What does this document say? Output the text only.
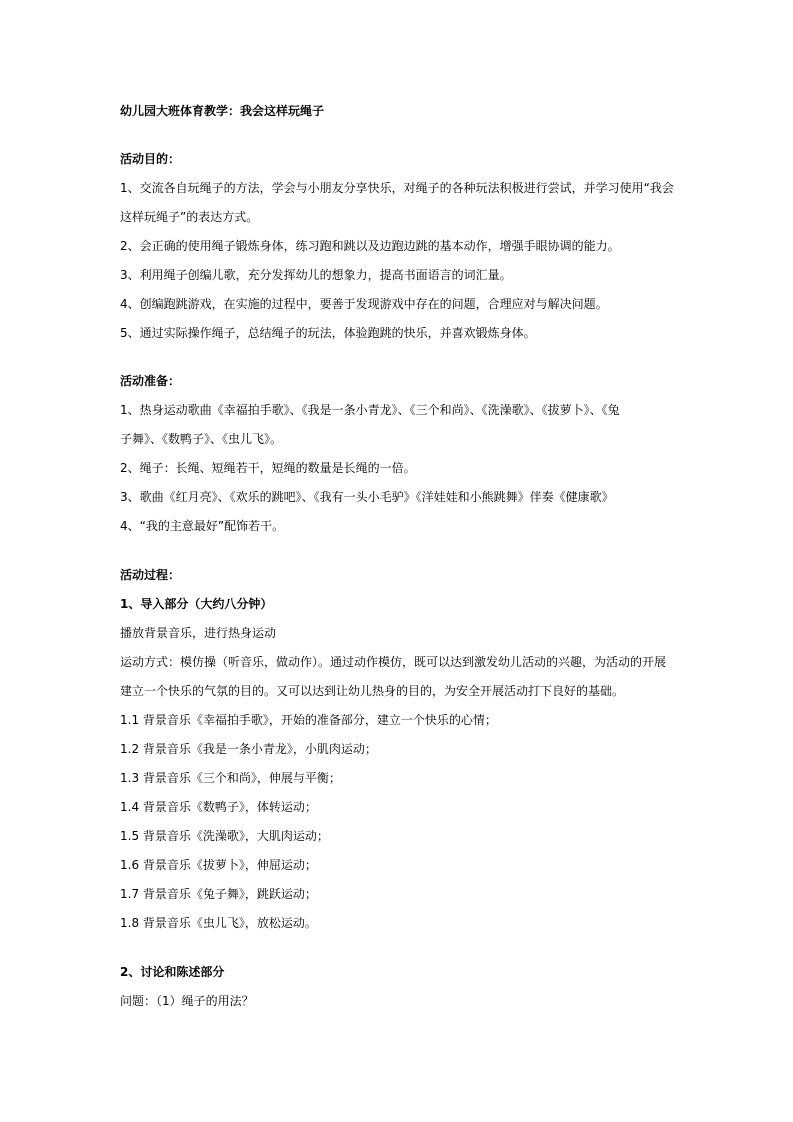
幼儿园大班体育教学：我会这样玩绳子
活动目的：
1、交流各自玩绳子的方法，学会与小朋友分享快乐，对绳子的各种玩法积极进行尝试，并学习使用“我会
这样玩绳子”的表达方式。
2、会正确的使用绳子锻炼身体，练习跑和跳以及边跑边跳的基本动作，增强手眼协调的能力。
3、利用绳子创编儿歌，充分发挥幼儿的想象力，提高书面语言的词汇量。
4、创编跑跳游戏，在实施的过程中，要善于发现游戏中存在的问题，合理应对与解决问题。
5、通过实际操作绳子，总结绳子的玩法，体验跑跳的快乐，并喜欢锻炼身体。
活动准备：
1、热身运动歌曲《幸福拍手歌》、《我是一条小青龙》、《三个和尚》、《洗澡歌》、《拔萝卜》、《兔
子舞》、《数鸭子》、《虫儿飞》。
2、绳子：长绳、短绳若干，短绳的数量是长绳的一倍。
3、歌曲《红月亮》、《欢乐的跳吧》、《我有一头小毛驴》《洋娃娃和小熊跳舞》伴奏《健康歌》
4、“我的主意最好”配饰若干。
活动过程：
1、导入部分（大约八分钟）
播放背景音乐，进行热身运动
运动方式：模仿操（听音乐，做动作）。通过动作模仿，既可以达到激发幼儿活动的兴趣，为活动的开展
建立一个快乐的气氛的目的。又可以达到让幼儿热身的目的，为安全开展活动打下良好的基础。
1.1 背景音乐《幸福拍手歌》，开始的准备部分，建立一个快乐的心情；
1.2 背景音乐《我是一条小青龙》，小肌肉运动；
1.3 背景音乐《三个和尚》，伸展与平衡；
1.4 背景音乐《数鸭子》，体转运动；
1.5 背景音乐《洗澡歌》，大肌肉运动；
1.6 背景音乐《拔萝卜》，伸屈运动；
1.7 背景音乐《兔子舞》，跳跃运动；
1.8 背景音乐《虫儿飞》，放松运动。
2、讨论和陈述部分
问题：（1）绳子的用法？
